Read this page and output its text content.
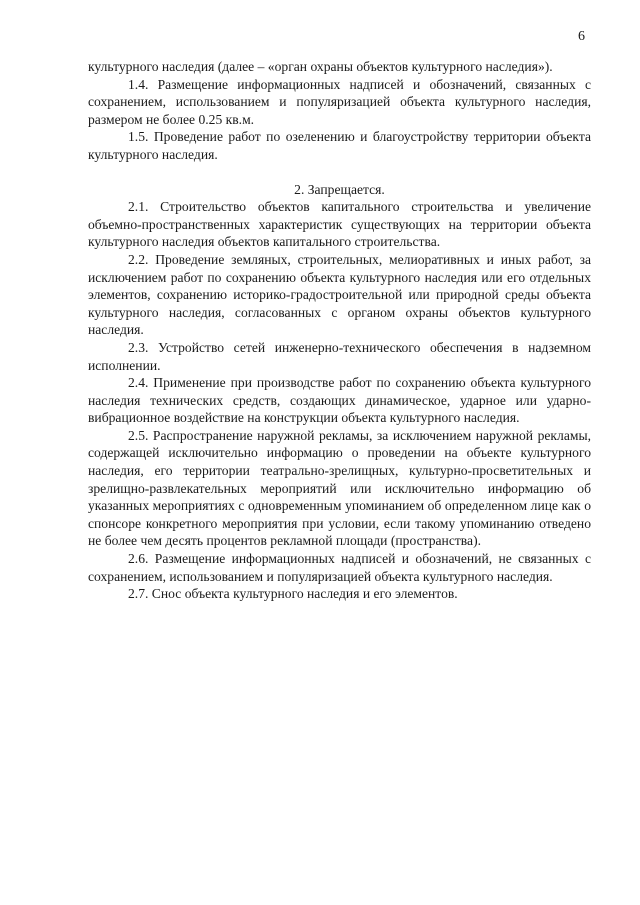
6

культурного наследия (далее – «орган охраны объектов культурного наследия»).

1.4. Размещение информационных надписей и обозначений, связанных с сохранением, использованием и популяризацией объекта культурного наследия, размером не более 0.25 кв.м.

1.5. Проведение работ по озеленению и благоустройству территории объекта культурного наследия.

2. Запрещается.

2.1. Строительство объектов капитального строительства и увеличение объемно-пространственных характеристик существующих на территории объекта культурного наследия объектов капитального строительства.

2.2. Проведение земляных, строительных, мелиоративных и иных работ, за исключением работ по сохранению объекта культурного наследия или его отдельных элементов, сохранению историко-градостроительной или природной среды объекта культурного наследия, согласованных с органом охраны объектов культурного наследия.

2.3. Устройство сетей инженерно-технического обеспечения в надземном исполнении.

2.4. Применение при производстве работ по сохранению объекта культурного наследия технических средств, создающих динамическое, ударное или ударно-вибрационное воздействие на конструкции объекта культурного наследия.

2.5. Распространение наружной рекламы, за исключением наружной рекламы, содержащей исключительно информацию о проведении на объекте культурного наследия, его территории театрально-зрелищных, культурно-просветительных и зрелищно-развлекательных мероприятий или исключительно информацию об указанных мероприятиях с одновременным упоминанием об определенном лице как о спонсоре конкретного мероприятия при условии, если такому упоминанию отведено не более чем десять процентов рекламной площади (пространства).

2.6. Размещение информационных надписей и обозначений, не связанных с сохранением, использованием и популяризацией объекта культурного наследия.

2.7. Снос объекта культурного наследия и его элементов.
